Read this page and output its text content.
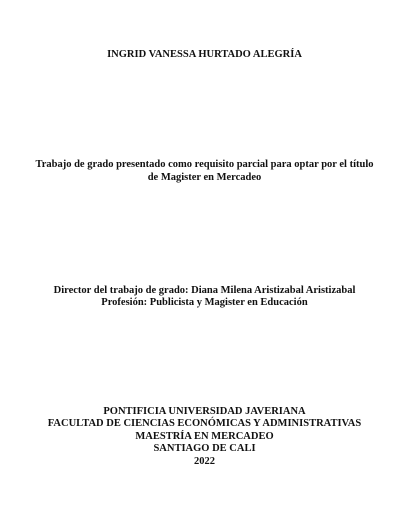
INGRID VANESSA HURTADO ALEGRÍA
Trabajo de grado presentado como requisito parcial para optar por el título
de Magister en Mercadeo
Director del trabajo de grado: Diana Milena Aristizabal Aristizabal
Profesión: Publicista y Magister en Educación
PONTIFICIA UNIVERSIDAD JAVERIANA
FACULTAD DE CIENCIAS ECONÓMICAS Y ADMINISTRATIVAS
MAESTRÍA EN MERCADEO
SANTIAGO DE CALI
2022
